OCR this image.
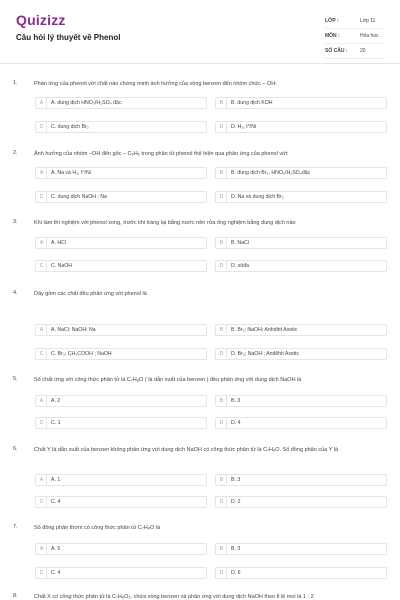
Quizizz
Câu hỏi lý thuyết về Phenol
LỚP :	Lớp 11
MÔN :	Hóa học
SỐ CÂU :	20
1.	Phản ứng của phenol với chất nào chứng minh ảnh hưởng của vòng benzen đến nhóm chức – OH:
A	A. dung dịch HNO₃/H₂SO₄ đặc	B	B. dung dịch KOH
C	C. dung dịch Br₂	D	D. H₂, t⁰/Ni
2.	Ảnh hưởng của nhóm –OH đến gốc – C₆H₅ trong phân tử phenol thể hiện qua phản ứng của phenol với:
A	A. Na và H₂, t⁰/Ni	B	B. dung dịch Br₂, HNO₃/H₂SO₄đặc
C	C. dung dịch NaOH ; Na	D	D. Na và dung dịch Br₂
3.	Khi làm thí nghiệm với phenol xong, trước khi tráng lại bằng nước nên rửa ống nghiệm bằng dung dịch nào
A	A. HCl	B	B. NaCl
C	C. NaOH	D	D. xôđa
4.	Dãy gồm các chất đều phản ứng với phenol là
A	A. NaCl; NaOH; Na	B	B. Br₂; NaOH; Anhiđrit Axetic
C	C. Br₂; CH₃COOH ; NaOH	D	D. Br₂; NaOH ; Anđêhit Axetic
5.	Số chất ứng với công thức phân tử là C₇H₈O ( là dẫn xuất của benzen ) đều phản ứng với dung dịch NaOH là
A	A. 2	B	B. 3
C	C. 1	D	D. 4
6.	Chất Y là dẫn xuất của benzen không phản ứng với dung dịch NaOH có công thức phân tử là C₇H₈O. Số đồng phân của Y là
A	A. 1	B	B. 3
C	C. 4	D	D. 2
7.	Số đồng phân thơm có công thức phân tử C₇H₈O là
A	A. 5	B	B. 3
C	C. 4	D	D. 6
8.	Chất X có công thức phân tử là C₇H₈O₂, chứa vòng benzen và phản ứng với dung dịch NaOH theo tỉ lệ mol là 1 : 2
